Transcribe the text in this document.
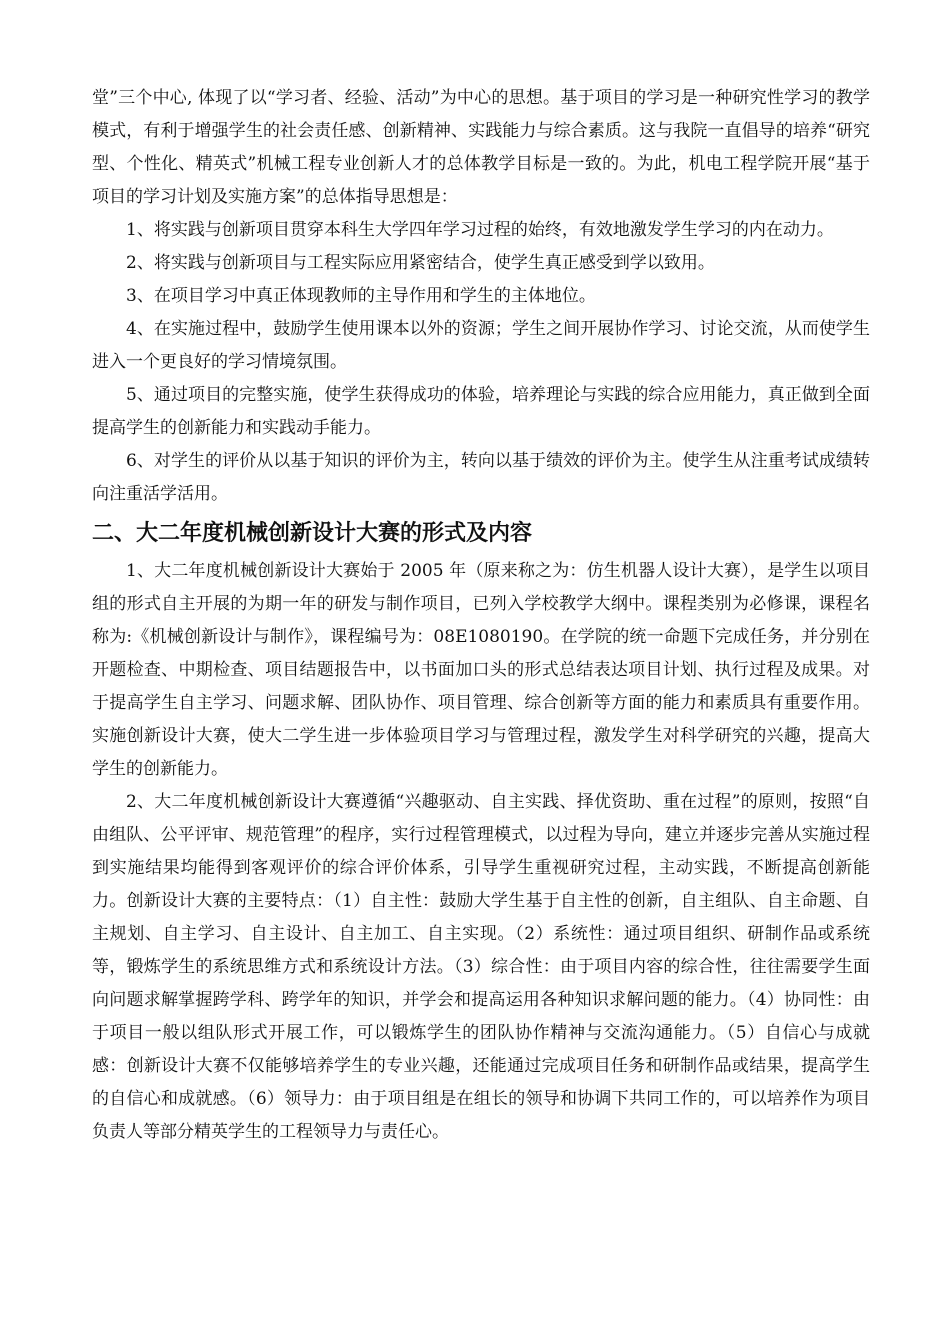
堂”三个中心, 体现了以“学习者、经验、活动”为中心的思想。基于项目的学习是一种研究性学习的教学模式，有利于增强学生的社会责任感、创新精神、实践能力与综合素质。这与我院一直倡导的培养“研究型、个性化、精英式”机械工程专业创新人才的总体教学目标是一致的。为此，机电工程学院开展“基于项目的学习计划及实施方案”的总体指导思想是：

1、将实践与创新项目贯穿本科生大学四年学习过程的始终，有效地激发学生学习的内在动力。

2、将实践与创新项目与工程实际应用紧密结合，使学生真正感受到学以致用。

3、在项目学习中真正体现教师的主导作用和学生的主体地位。

4、在实施过程中，鼓励学生使用课本以外的资源；学生之间开展协作学习、讨论交流，从而使学生进入一个更良好的学习情境氛围。

5、通过项目的完整实施，使学生获得成功的体验，培养理论与实践的综合应用能力，真正做到全面提高学生的创新能力和实践动手能力。

6、对学生的评价从以基于知识的评价为主，转向以基于绩效的评价为主。使学生从注重考试成绩转向注重活学活用。

二、大二年度机械创新设计大赛的形式及内容

1、大二年度机械创新设计大赛始于 2005 年（原来称之为：仿生机器人设计大赛），是学生以项目组的形式自主开展的为期一年的研发与制作项目，已列入学校教学大纲中。课程类别为必修课，课程名称为:《机械创新设计与制作》，课程编号为：08E1080190。在学院的统一命题下完成任务，并分别在开题检查、中期检查、项目结题报告中，以书面加口头的形式总结表达项目计划、执行过程及成果。对于提高学生自主学习、问题求解、团队协作、项目管理、综合创新等方面的能力和素质具有重要作用。实施创新设计大赛，使大二学生进一步体验项目学习与管理过程，激发学生对科学研究的兴趣，提高大学生的创新能力。

2、大二年度机械创新设计大赛遵循“兴趣驱动、自主实践、择优资助、重在过程”的原则，按照“自由组队、公平评审、规范管理”的程序，实行过程管理模式，以过程为导向，建立并逐步完善从实施过程到实施结果均能得到客观评价的综合评价体系，引导学生重视研究过程，主动实践，不断提高创新能力。创新设计大赛的主要特点：（1）自主性：鼓励大学生基于自主性的创新，自主组队、自主命题、自主规划、自主学习、自主设计、自主加工、自主实现。（2）系统性：通过项目组织、研制作品或系统等，锻炼学生的系统思维方式和系统设计方法。（3）综合性：由于项目内容的综合性，往往需要学生面向问题求解掌握跨学科、跨学年的知识，并学会和提高运用各种知识求解问题的能力。（4）协同性：由于项目一般以组队形式开展工作，可以锻炼学生的团队协作精神与交流沟通能力。（5）自信心与成就感：创新设计大赛不仅能够培养学生的专业兴趣，还能通过完成项目任务和研制作品或结果，提高学生的自信心和成就感。（6）领导力：由于项目组是在组长的领导和协调下共同工作的，可以培养作为项目负责人等部分精英学生的工程领导力与责任心。
